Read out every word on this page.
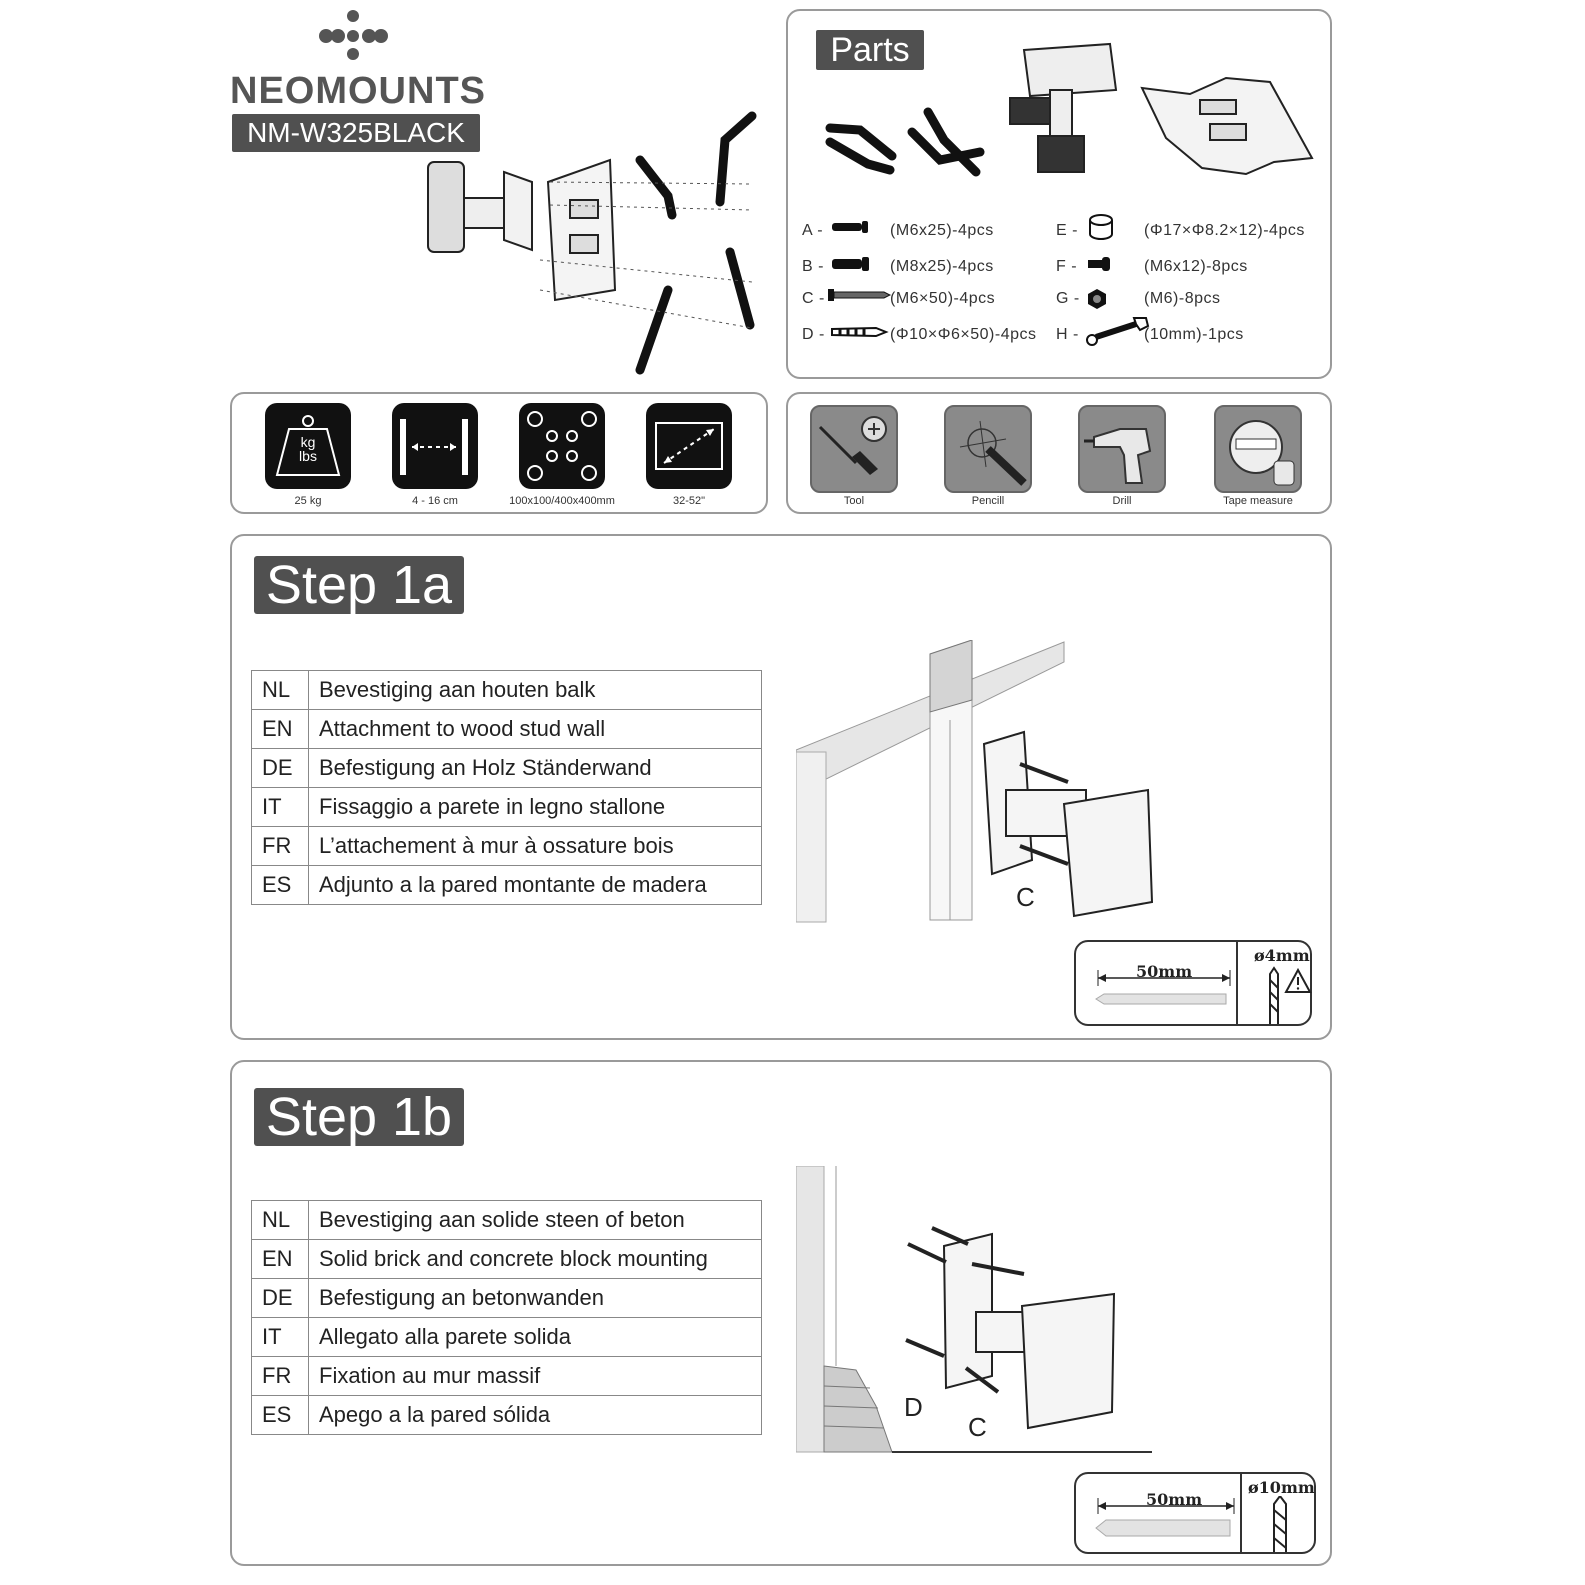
NEOMOUNTS
NM-W325BLACK
Parts
A -	(M6x25)-4pcs
B -	(M8x25)-4pcs
C -	(M6×50)-4pcs
D -	(Φ10×Φ6×50)-4pcs
E -	(Φ17×Φ8.2×12)-4pcs
F -	(M6x12)-8pcs
G -	(M6)-8pcs
H -	(10mm)-1pcs
kg
lbs
25 kg	4 - 16 cm	100x100/400x400mm	32-52"	Tool	Pencill	Drill	Tape measure
Step 1a
NL	Bevestiging aan houten balk
EN	Attachment to wood stud wall
DE	Befestigung an Holz Ständerwand
IT	Fissaggio a parete in legno stallone
FR	L’attachement à mur à ossature bois
ES	Adjunto a la pared montante de madera	C
50mm
ø4mm
Step 1b
NL	Bevestiging aan solide steen of beton
EN	Solid brick and concrete block mounting
DE	Befestigung an betonwanden
IT	Allegato alla parete solida
FR	Fixation au mur massif
ES	Apego a la pared sólida	D
C
50mm
ø10mm
